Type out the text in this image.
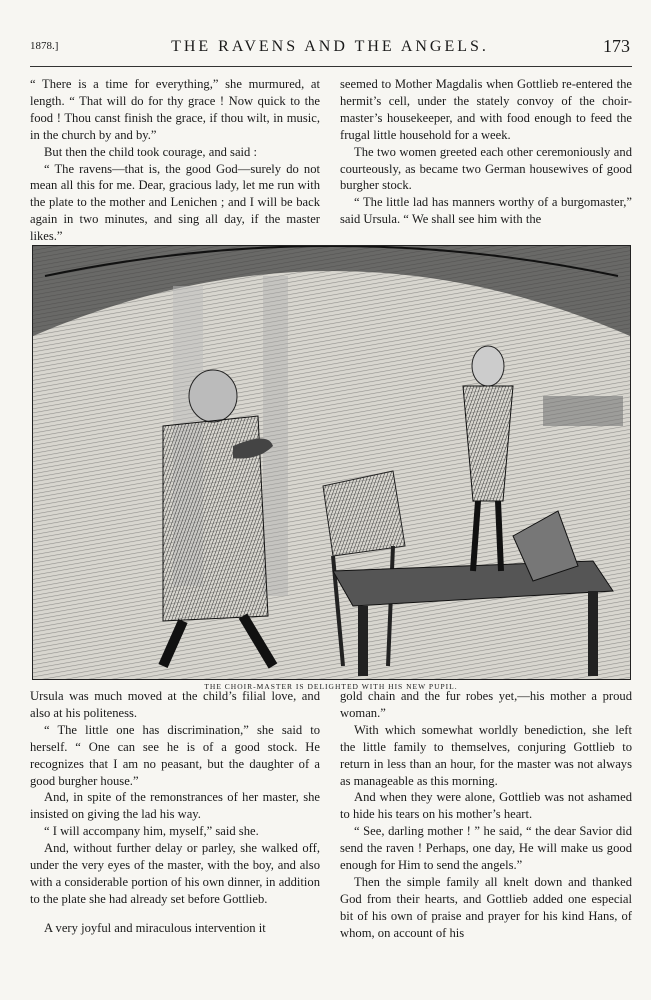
1878.]	THE RAVENS AND THE ANGELS.	173

“ There is a time for everything,” she murmured, at length. “ That will do for thy grace ! Now quick to the food ! Thou canst finish the grace, if thou wilt, in music, in the church by and by.”

But then the child took courage, and said :

“ The ravens—that is, the good God—surely do not mean all this for me. Dear, gracious lady, let me run with the plate to the mother and Lenichen ; and I will be back again in two minutes, and sing all day, if the master likes.”

seemed to Mother Magdalis when Gottlieb re-entered the hermit’s cell, under the stately convoy of the choir-master’s housekeeper, and with food enough to feed the frugal little household for a week.

The two women greeted each other ceremoniously and courteously, as became two German housewives of good burgher stock.

“ The little lad has manners worthy of a burgomaster,” said Ursula. “ We shall see him with the

THE CHOIR-MASTER IS DELIGHTED WITH HIS NEW PUPIL.

Ursula was much moved at the child’s filial love, and also at his politeness.

“ The little one has discrimination,” she said to herself. “ One can see he is of a good stock. He recognizes that I am no peasant, but the daughter of a good burgher house.”

And, in spite of the remonstrances of her master, she insisted on giving the lad his way.

“ I will accompany him, myself,” said she.

And, without further delay or parley, she walked off, under the very eyes of the master, with the boy, and also with a considerable portion of his own dinner, in addition to the plate she had already set before Gottlieb.

A very joyful and miraculous intervention it

gold chain and the fur robes yet,—his mother a proud woman.”

With which somewhat worldly benediction, she left the little family to themselves, conjuring Gottlieb to return in less than an hour, for the master was not always as manageable as this morning.

And when they were alone, Gottlieb was not ashamed to hide his tears on his mother’s heart.

“ See, darling mother ! ” he said, “ the dear Savior did send the raven ! Perhaps, one day, He will make us good enough for Him to send the angels.”

Then the simple family all knelt down and thanked God from their hearts, and Gottlieb added one especial bit of his own of praise and prayer for his kind Hans, of whom, on account of his
